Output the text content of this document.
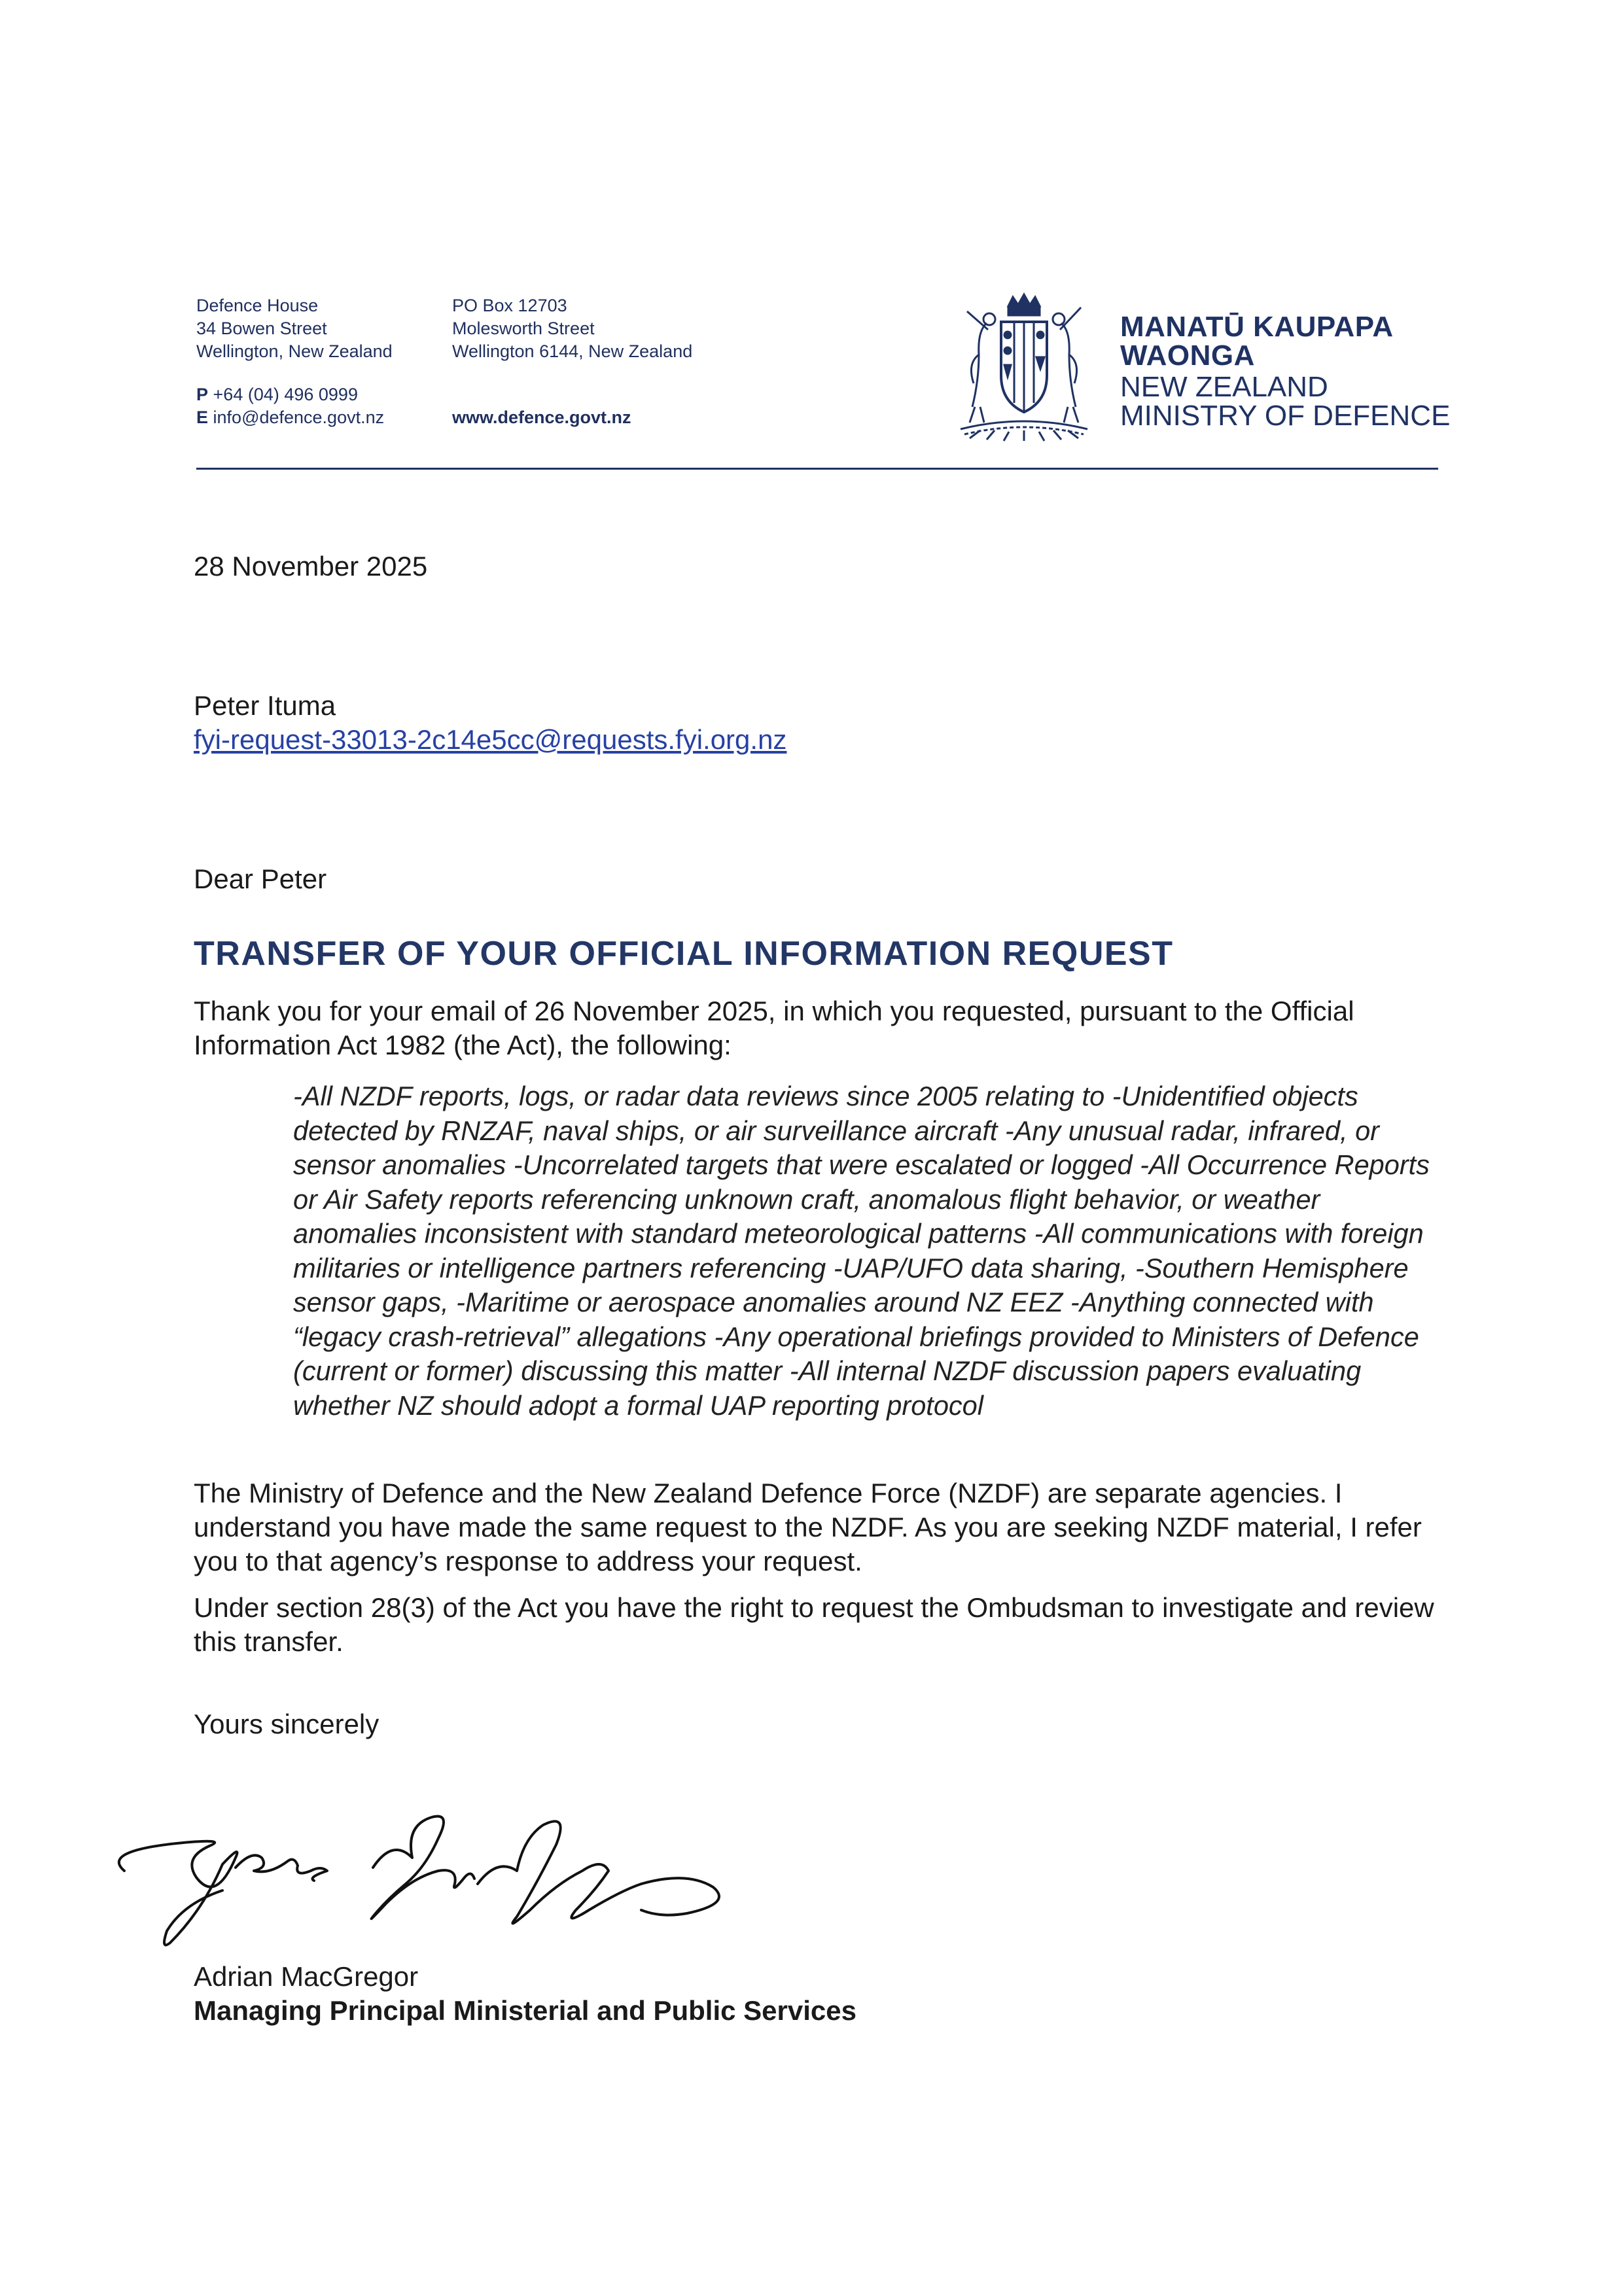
Defence House
34 Bowen Street
Wellington, New Zealand
PO Box 12703
Molesworth Street
Wellington 6144, New Zealand
P +64 (04) 496 0999
E info@defence.govt.nz	www.defence.govt.nz
MANATŪ KAUPAPA
WAONGA
NEW ZEALAND
MINISTRY OF DEFENCE
28 November 2025
Peter Ituma
fyi-request-33013-2c14e5cc@requests.fyi.org.nz
Dear Peter
TRANSFER OF YOUR OFFICIAL INFORMATION REQUEST
Thank you for your email of 26 November 2025, in which you requested, pursuant to the Official Information Act 1982 (the Act), the following:
-All NZDF reports, logs, or radar data reviews since 2005 relating to -Unidentified objects detected by RNZAF, naval ships, or air surveillance aircraft -Any unusual radar, infrared, or sensor anomalies -Uncorrelated targets that were escalated or logged -All Occurrence Reports or Air Safety reports referencing unknown craft, anomalous flight behavior, or weather anomalies inconsistent with standard meteorological patterns -All communications with foreign militaries or intelligence partners referencing -UAP/UFO data sharing, -Southern Hemisphere sensor gaps, -Maritime or aerospace anomalies around NZ EEZ -Anything connected with “legacy crash-retrieval” allegations -Any operational briefings provided to Ministers of Defence (current or former) discussing this matter -All internal NZDF discussion papers evaluating whether NZ should adopt a formal UAP reporting protocol
The Ministry of Defence and the New Zealand Defence Force (NZDF) are separate agencies. I understand you have made the same request to the NZDF. As you are seeking NZDF material, I refer you to that agency’s response to address your request.
Under section 28(3) of the Act you have the right to request the Ombudsman to investigate and review this transfer.
Yours sincerely
Adrian MacGregor
Managing Principal Ministerial and Public Services
